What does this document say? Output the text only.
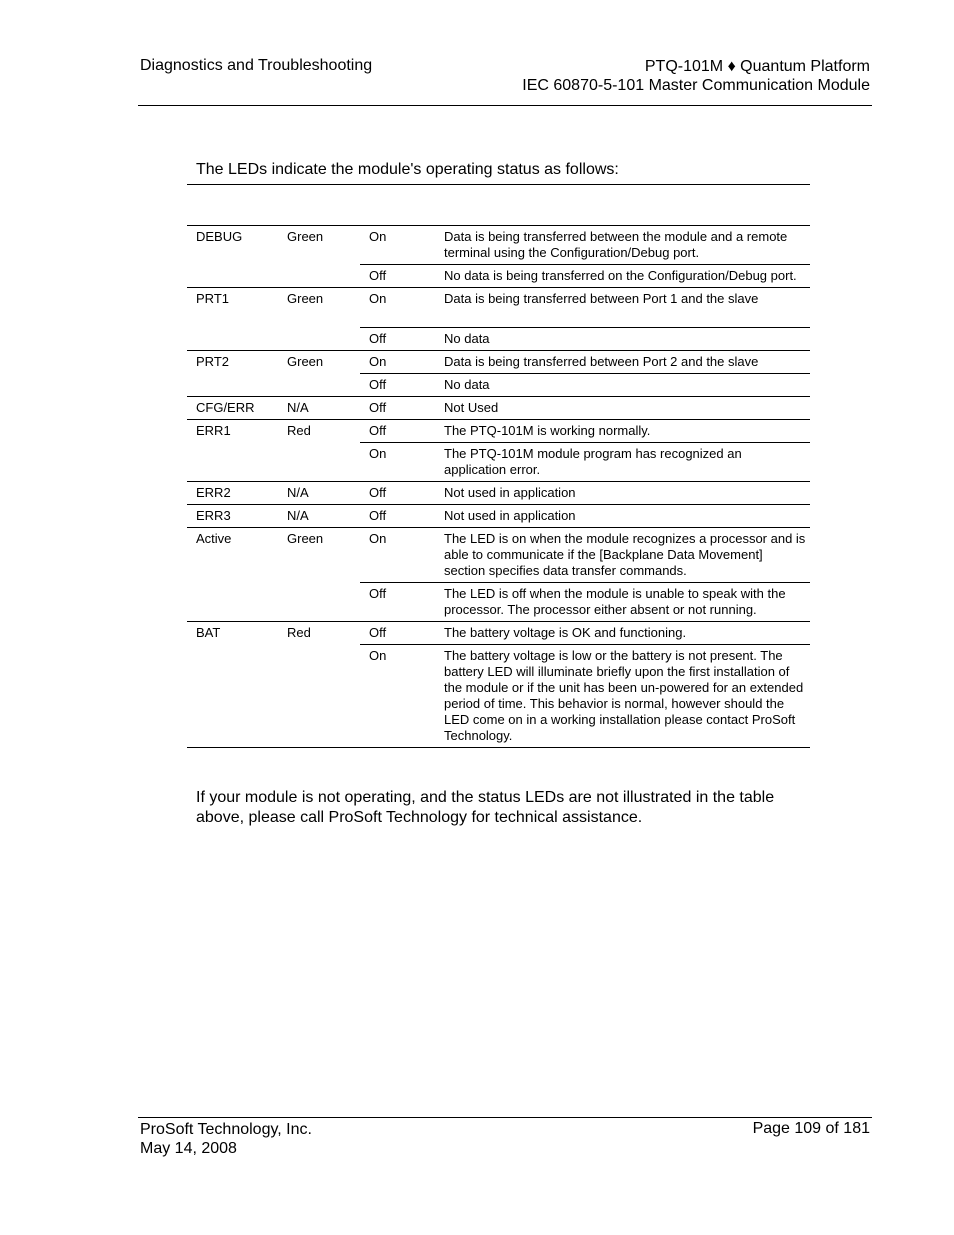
Diagnostics and Troubleshooting	PTQ-101M ♦ Quantum Platform
IEC 60870-5-101 Master Communication Module
The LEDs indicate the module's operating status as follows:
DEBUG	Green	On	Data is being transferred between the module and a remote terminal using the Configuration/Debug port.
		Off	No data is being transferred on the Configuration/Debug port.
PRT1	Green	On	Data is being transferred between Port 1 and the slave
		Off	No data
PRT2	Green	On	Data is being transferred between Port 2 and the slave
		Off	No data
CFG/ERR	N/A	Off	Not Used
ERR1	Red	Off	The PTQ-101M is working normally.
		On	The PTQ-101M module program has recognized an application error.
ERR2	N/A	Off	Not used in application
ERR3	N/A	Off	Not used in application
Active	Green	On	The LED is on when the module recognizes a processor and is able to communicate if the [Backplane Data Movement] section specifies data transfer commands.
		Off	The LED is off when the module is unable to speak with the processor. The processor either absent or not running.
BAT	Red	Off	The battery voltage is OK and functioning.
		On	The battery voltage is low or the battery is not present. The battery LED will illuminate briefly upon the first installation of the module or if the unit has been un-powered for an extended period of time. This behavior is normal, however should the LED come on in a working installation please contact ProSoft Technology.
If your module is not operating, and the status LEDs are not illustrated in the table above, please call ProSoft Technology for technical assistance.
ProSoft Technology, Inc.
May 14, 2008
Page 109 of 181
